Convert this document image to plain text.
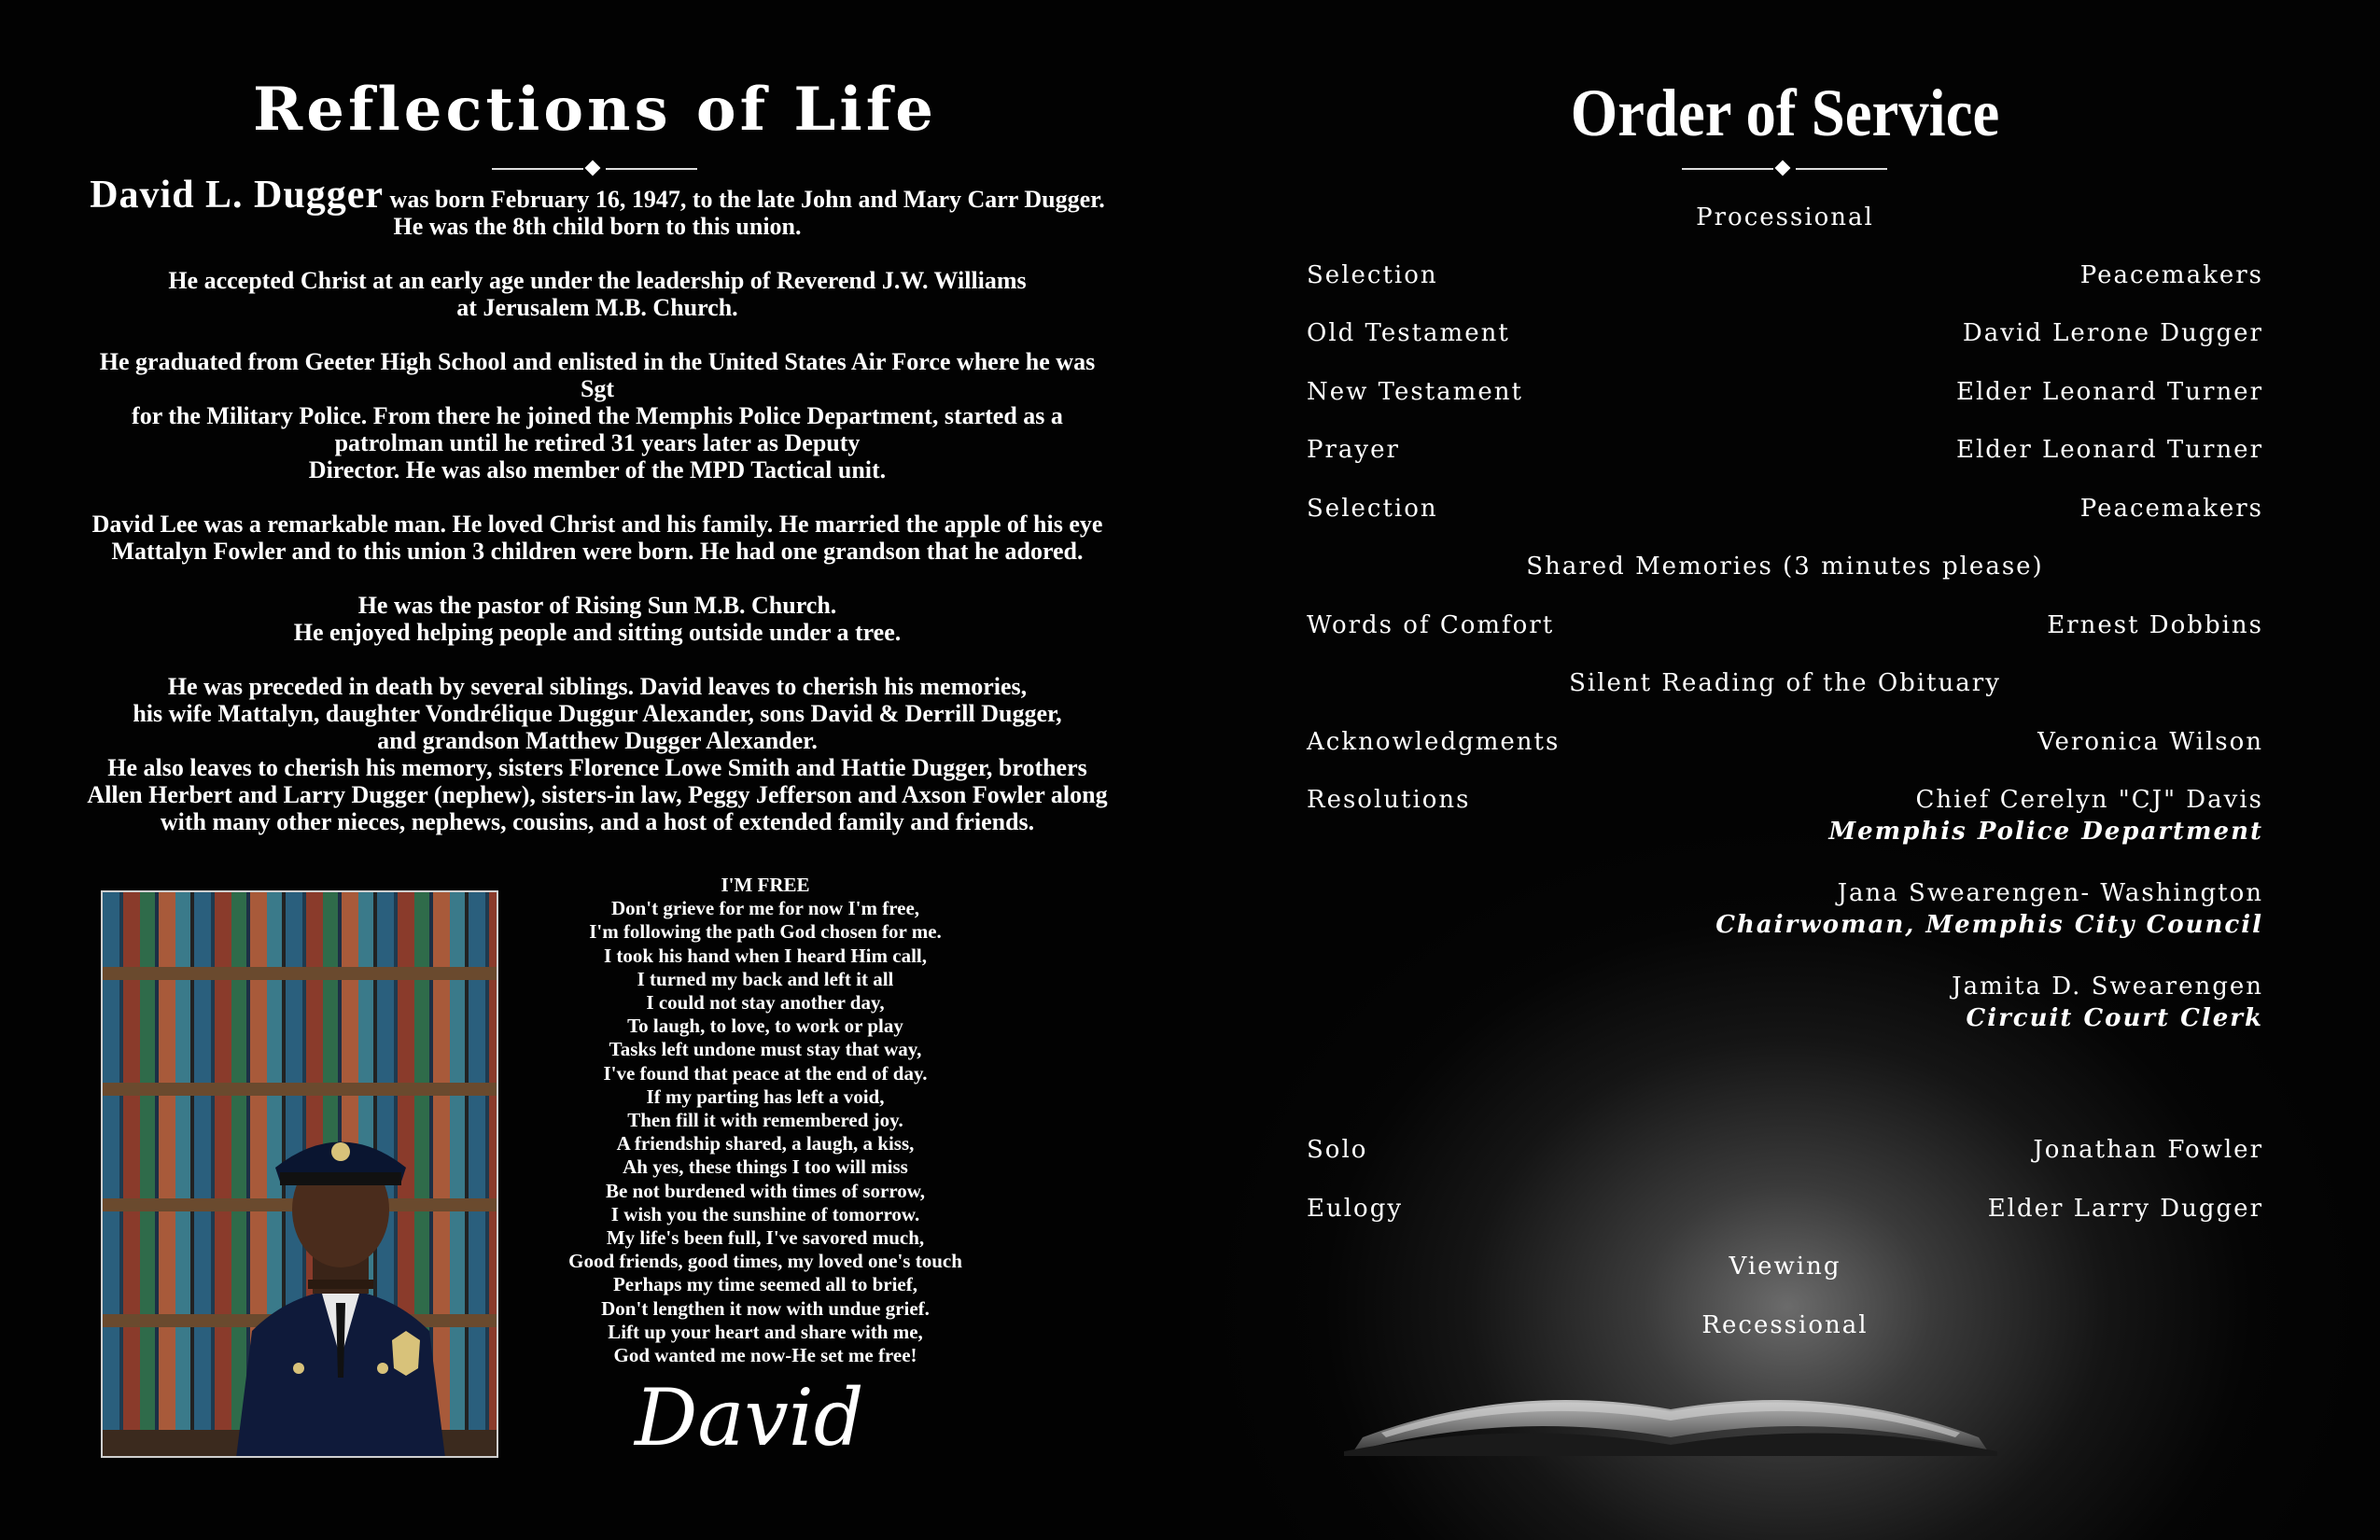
Reflections of Life

David L. Dugger was born February 16, 1947, to the late John and Mary Carr Dugger.
He was the 8th child born to this union.

He accepted Christ at an early age under the leadership of Reverend J.W. Williams
at Jerusalem M.B. Church.

He graduated from Geeter High School and enlisted in the United States Air Force where he was Sgt
for the Military Police. From there he joined the Memphis Police Department, started as a
patrolman until he retired 31 years later as Deputy
Director. He was also member of the MPD Tactical unit.

David Lee was a remarkable man. He loved Christ and his family. He married the apple of his eye
Mattalyn Fowler and to this union 3 children were born. He had one grandson that he adored.

He was the pastor of Rising Sun M.B. Church.
He enjoyed helping people and sitting outside under a tree.

He was preceded in death by several siblings. David leaves to cherish his memories,
his wife Mattalyn, daughter Vondrélique Duggur Alexander, sons David & Derrill Dugger,
and grandson Matthew Dugger Alexander.
He also leaves to cherish his memory, sisters Florence Lowe Smith and Hattie Dugger, brothers
Allen Herbert and Larry Dugger (nephew), sisters-in law, Peggy Jefferson and Axson Fowler along
with many other nieces, nephews, cousins, and a host of extended family and friends.

I'M FREE
Don't grieve for me for now I'm free,
I'm following the path God chosen for me.
I took his hand when I heard Him call,
I turned my back and left it all
I could not stay another day,
To laugh, to love, to work or play
Tasks left undone must stay that way,
I've found that peace at the end of day.
If my parting has left a void,
Then fill it with remembered joy.
A friendship shared, a laugh, a kiss,
Ah yes, these things I too will miss
Be not burdened with times of sorrow,
I wish you the sunshine of tomorrow.
My life's been full, I've savored much,
Good friends, good times, my loved one's touch
Perhaps my time seemed all to brief,
Don't lengthen it now with undue grief.
Lift up your heart and share with me,
God wanted me now-He set me free!
David
Order of Service
Processional
Selection	Peacemakers
Old Testament	David Lerone Dugger
New Testament	Elder Leonard Turner
Prayer	Elder Leonard Turner
Selection	Peacemakers
Shared Memories (3 minutes please)
Words of Comfort	Ernest Dobbins
Silent Reading of the Obituary
Acknowledgments	Veronica Wilson
Resolutions	Chief Cerelyn "CJ" Davis
Memphis Police Department
Jana Swearengen- Washington
Chairwoman, Memphis City Council
Jamita D. Swearengen
Circuit Court Clerk
Solo	Jonathan Fowler
Eulogy	Elder Larry Dugger
Viewing
Recessional
